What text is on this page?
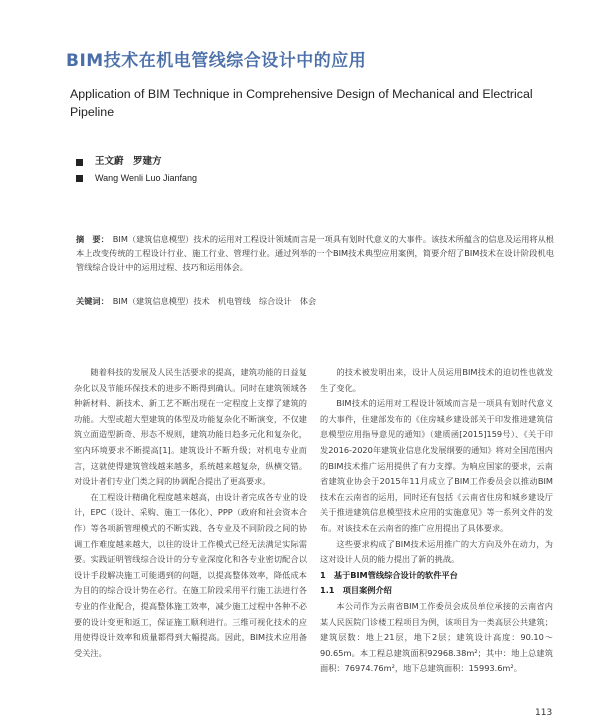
BIM技术在机电管线综合设计中的应用
Application of BIM Technique in Comprehensive Design of Mechanical and Electrical Pipeline
王文蔚　罗建方
Wang Wenli Luo Jianfang
摘　要： BIM（建筑信息模型）技术的运用对工程设计领域而言是一项具有划时代意义的大事件。该技术所蕴含的信息及运用将从根本上改变传统的工程设计行业、施工行业、管理行业。通过列举的一个BIM技术典型应用案例，简要介绍了BIM技术在设计阶段机电管线综合设计中的运用过程、技巧和运用体会。
关键词： BIM（建筑信息模型）技术　机电管线　综合设计　体会

随着科技的发展及人民生活要求的提高，建筑功能的日益复杂化以及节能环保技术的进步不断得到确认。同时在建筑领域各种新材料、新技术、新工艺不断出现在一定程度上支撑了建筑的功能。大型或超大型建筑的体型及功能复杂化不断演变，不仅建筑立面造型新奇、形态不规则，建筑功能日趋多元化和复杂化，室内环境要求不断提高[1]。建筑设计不断升级；对机电专业而言，这就使得建筑管线越来越多，系统越来越复杂，纵横交错。对设计者们专业门类之间的协调配合提出了更高要求。

在工程设计精确化程度越来越高，由设计者完成各专业的设计，EPC（设计、采购、施工一体化）、PPP（政府和社会资本合作）等各项新管理模式的不断实践、各专业及不同阶段之间的协调工作难度越来越大，以往的设计工作模式已经无法满足实际需要。实践证明管线综合设计的分专业深度化和各专业密切配合以设计手段解决施工可能遇到的问题，以提高整体效率，降低成本为目的的综合设计势在必行。在施工阶段采用平行施工法进行各专业的作业配合，提高整体施工效率，减少施工过程中各种不必要的设计变更和返工，保证施工顺利进行。三维可视化技术的应用使得设计效率和质量都得到大幅提高。因此，BIM技术应用备受关注。

的技术被发明出来，设计人员运用BIM技术的迫切性也就发生了变化。

BIM技术的运用对工程设计领域而言是一项具有划时代意义的大事件，住建部发布的《住房城乡建设部关于印发推进建筑信息模型应用指导意见的通知》（建质函[2015]159号）、《关于印发2016-2020年建筑业信息化发展纲要的通知》将对全国范围内的BIM技术推广运用提供了有力支撑。为响应国家的要求，云南省建筑业协会于2015年11月成立了BIM工作委员会以推动BIM技术在云南省的运用，同时还有包括《云南省住房和城乡建设厅关于推进建筑信息模型技术应用的实施意见》等一系列文件的发布。对该技术在云南省的推广应用提出了具体要求。

这些要求构成了BIM技术运用推广的大方向及外在动力，为这对设计人员的能力提出了新的挑战。

1　基于BIM管线综合设计的软件平台

1.1　项目案例介绍

本公司作为云南省BIM工作委员会成员单位承接的云南省内某人民医院门诊楼工程项目为例，该项目为一类高层公共建筑；建筑层数：地上21层，地下2层；建筑设计高度：90.10～90.65m。本工程总建筑面积92968.38m²；其中：地上总建筑面积：76974.76m²，地下总建筑面积：15993.6m²。

113
